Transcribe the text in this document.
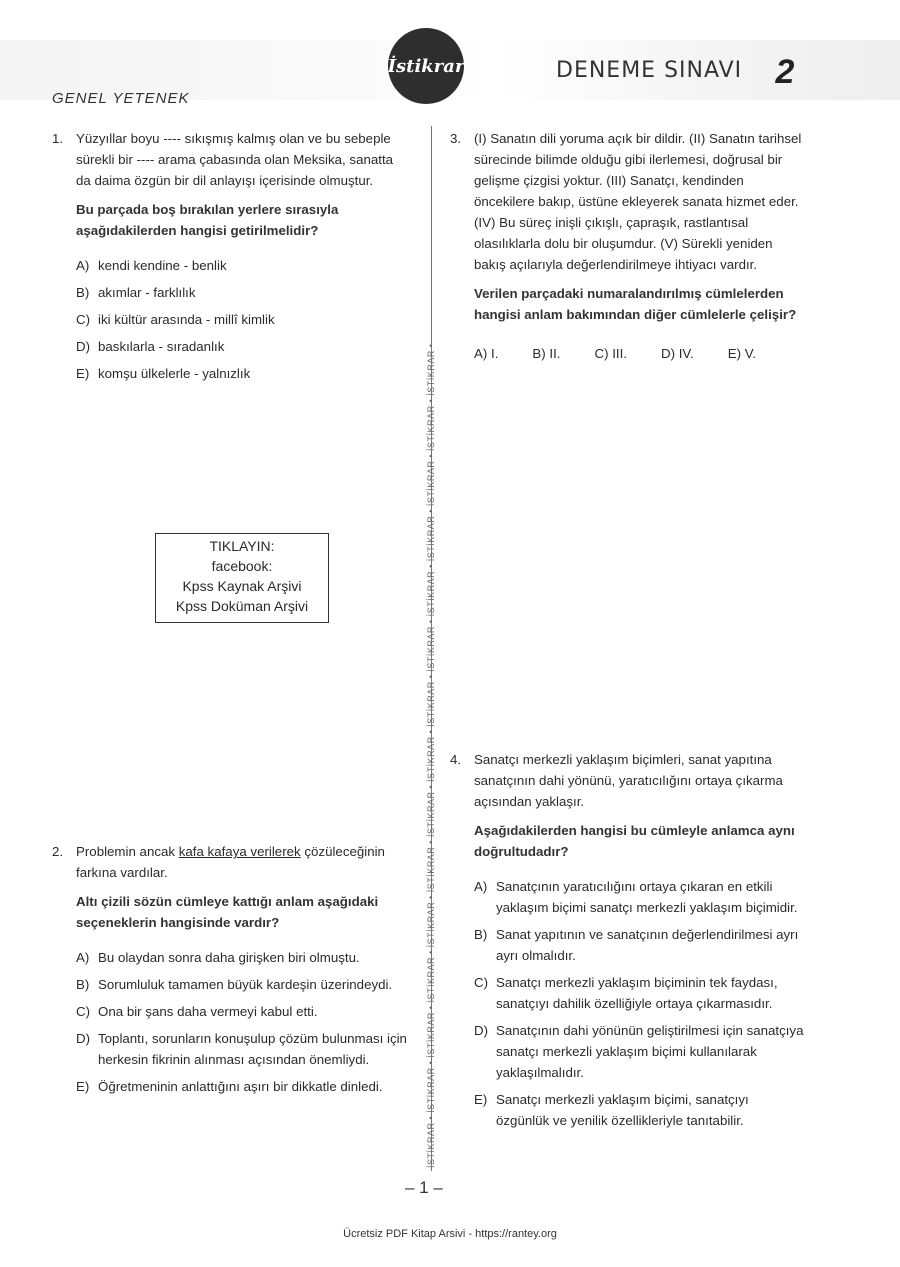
GENEL YETENEK
İstikrar	DENEME SINAVI 2
İSTİKRAR • İSTİKRAR • İSTİKRAR • İSTİKRAR • İSTİKRAR • İSTİKRAR • İSTİKRAR • İSTİKRAR • İSTİKRAR • İSTİKRAR • İSTİKRAR • İSTİKRAR • İSTİKRAR • İSTİKRAR • İSTİKRAR •
1. Yüzyıllar boyu ---- sıkışmış kalmış olan ve bu sebeple sürekli bir ---- arama çabasında olan Meksika, sanatta da daima özgün bir dil anlayışı içerisinde olmuştur.
Bu parçada boş bırakılan yerlere sırasıyla aşağıdakilerden hangisi getirilmelidir?
A) kendi kendine - benlik
B) akımlar - farklılık
C) iki kültür arasında - millî kimlik
D) baskılarla - sıradanlık
E) komşu ülkelerle - yalnızlık
TIKLAYIN:
facebook:
Kpss Kaynak Arşivi
Kpss Doküman Arşivi
2. Problemin ancak kafa kafaya verilerek çözüleceğinin farkına vardılar.
Altı çizili sözün cümleye kattığı anlam aşağıdaki seçeneklerin hangisinde vardır?
A) Bu olaydan sonra daha girişken biri olmuştu.
B) Sorumluluk tamamen büyük kardeşin üzerindeydi.
C) Ona bir şans daha vermeyi kabul etti.
D) Toplantı, sorunların konuşulup çözüm bulunması için herkesin fikrinin alınması açısından önemliydi.
E) Öğretmeninin anlattığını aşırı bir dikkatle dinledi.
3. (I) Sanatın dili yoruma açık bir dildir. (II) Sanatın tarihsel sürecinde bilimde olduğu gibi ilerlemesi, doğrusal bir gelişme çizgisi yoktur. (III) Sanatçı, kendinden öncekilere bakıp, üstüne ekleyerek sanata hizmet eder. (IV) Bu süreç inişli çıkışlı, çapraşık, rastlantısal olasılıklarla dolu bir oluşumdur. (V) Sürekli yeniden bakış açılarıyla değerlendirilmeye ihtiyacı vardır.
Verilen parçadaki numaralandırılmış cümlelerden hangisi anlam bakımından diğer cümlelerle çelişir?
A) I.	B) II.	C) III.	D) IV.	E) V.
4. Sanatçı merkezli yaklaşım biçimleri, sanat yapıtına sanatçının dahi yönünü, yaratıcılığını ortaya çıkarma açısından yaklaşır.
Aşağıdakilerden hangisi bu cümleyle anlamca aynı doğrultudadır?
A) Sanatçının yaratıcılığını ortaya çıkaran en etkili yaklaşım biçimi sanatçı merkezli yaklaşım biçimidir.
B) Sanat yapıtının ve sanatçının değerlendirilmesi ayrı ayrı olmalıdır.
C) Sanatçı merkezli yaklaşım biçiminin tek faydası, sanatçıyı dahilik özelliğiyle ortaya çıkarmasıdır.
D) Sanatçının dahi yönünün geliştirilmesi için sanatçıya sanatçı merkezli yaklaşım biçimi kullanılarak yaklaşılmalıdır.
E) Sanatçı merkezli yaklaşım biçimi, sanatçıyı özgünlük ve yenilik özellikleriyle tanıtabilir.
– 1 –
Ücretsiz PDF Kitap Arsivi - https://rantey.org
